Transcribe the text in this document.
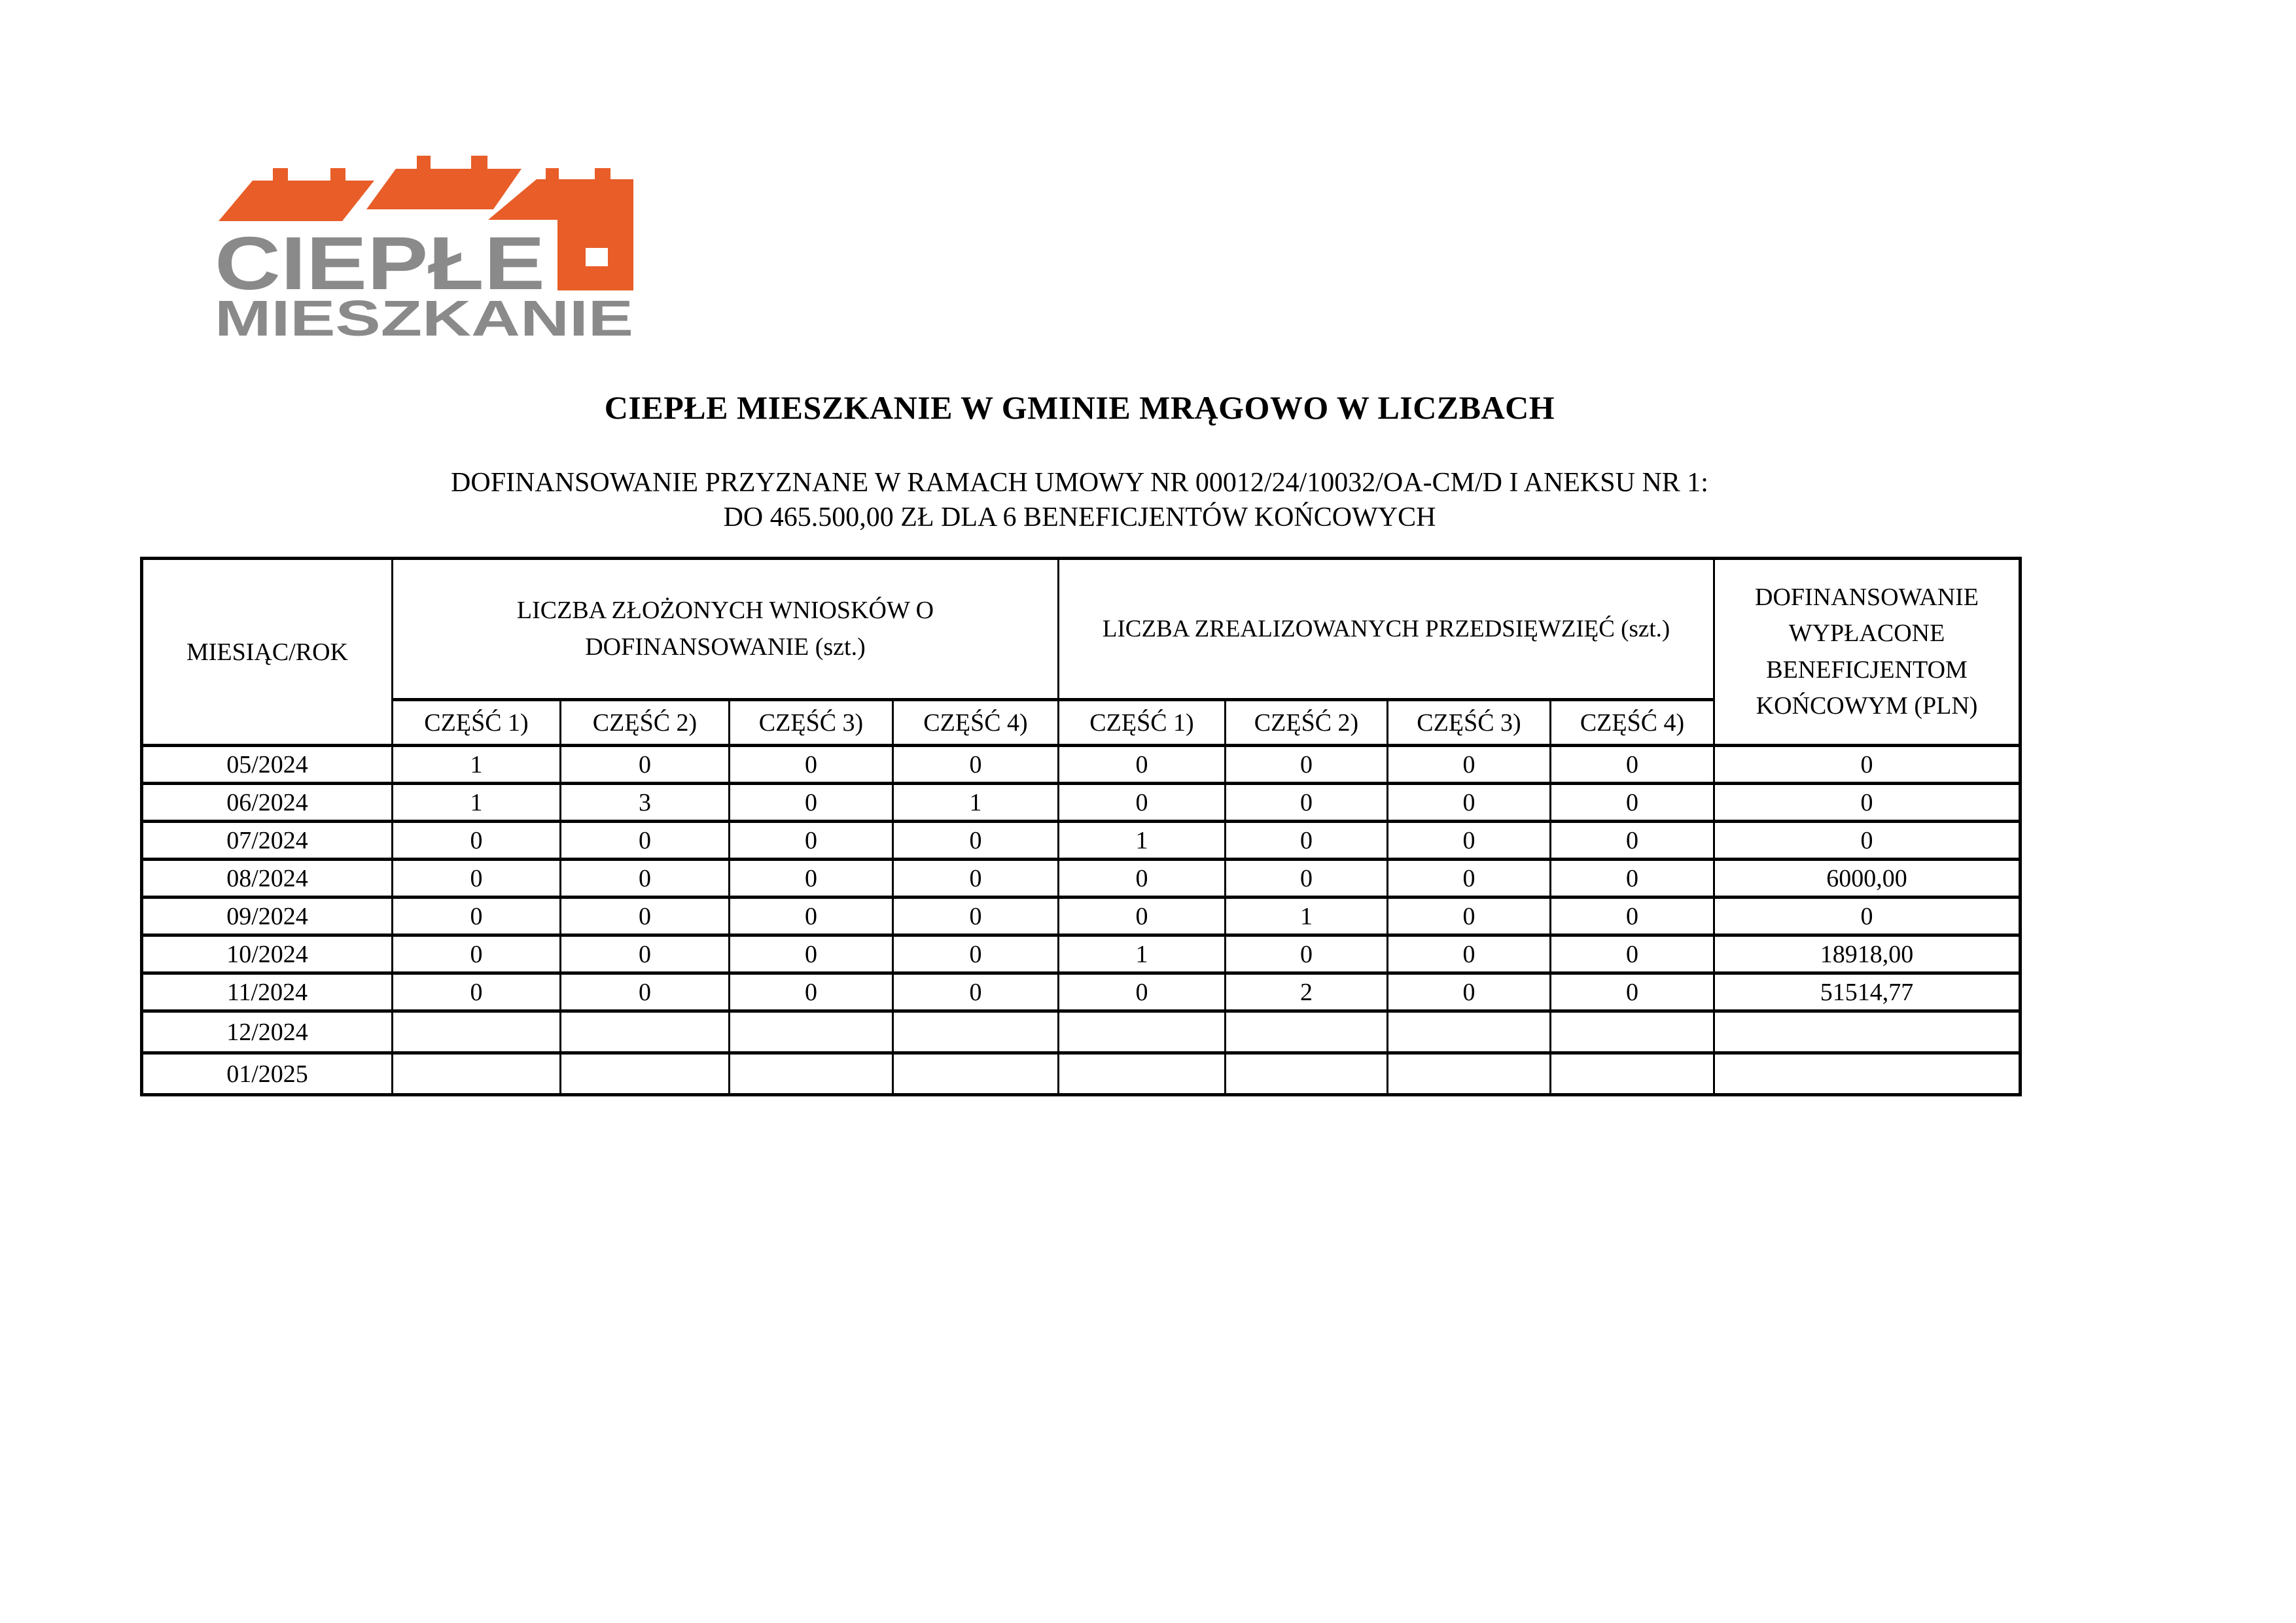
CIEPŁE
MIESZKANIE
CIEPŁE MIESZKANIE W GMINIE MRĄGOWO W LICZBACH
DOFINANSOWANIE PRZYZNANE W RAMACH UMOWY NR 00012/24/10032/OA-CM/D I ANEKSU NR 1:
DO 465.500,00 ZŁ DLA 6 BENEFICJENTÓW KOŃCOWYCH
MIESIĄC/ROK	LICZBA ZŁOŻONYCH WNIOSKÓW O DOFINANSOWANIE (szt.)				LICZBA ZREALIZOWANYCH PRZEDSIĘWZIĘĆ (szt.)				DOFINANSOWANIE WYPŁACONE BENEFICJENTOM KOŃCOWYM (PLN)
	CZĘŚĆ 1)	CZĘŚĆ 2)	CZĘŚĆ 3)	CZĘŚĆ 4)	CZĘŚĆ 1)	CZĘŚĆ 2)	CZĘŚĆ 3)	CZĘŚĆ 4)	
05/2024	1	0	0	0	0	0	0	0	0
06/2024	1	3	0	1	0	0	0	0	0
07/2024	0	0	0	0	1	0	0	0	0
08/2024	0	0	0	0	0	0	0	0	6000,00
09/2024	0	0	0	0	0	1	0	0	0
10/2024	0	0	0	0	1	0	0	0	18918,00
11/2024	0	0	0	0	0	2	0	0	51514,77
12/2024									
01/2025									
